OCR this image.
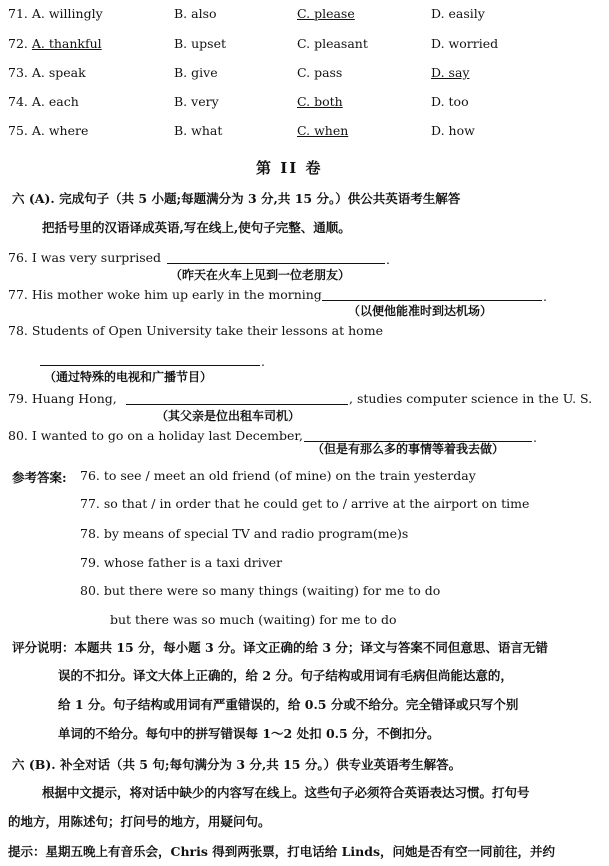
71. A. willingly	B. also	C. please	D. easily
72. A. thankful	B. upset	C. pleasant	D. worried
73. A. speak	B. give	C. pass	D. say
74. A. each	B. very	C. both	D. too
75. A. where	B. what	C. when	D. how
第 II 卷
六 (A). 完成句子（共 5 小题;每题满分为 3 分,共 15 分。）供公共英语考生解答
把括号里的汉语译成英语,写在线上,使句子完整、通顺。
76. I was very surprised	.
（昨天在火车上见到一位老朋友）
77. His mother woke him up early in the morning	.
（以便他能准时到达机场）
78. Students of Open University take their lessons at home
.
（通过特殊的电视和广播节目）
79. Huang Hong,	, studies computer science in the U. S.
（其父亲是位出租车司机）
80. I wanted to go on a holiday last December,	.
（但是有那么多的事情等着我去做）
参考答案: 76. to see / meet an old friend (of mine) on the train yesterday
77. so that / in order that he could get to / arrive at the airport on time
78. by means of special TV and radio program(me)s
79. whose father is a taxi driver
80. but there were so many things (waiting) for me to do
but there was so much (waiting) for me to do
评分说明：本题共 15 分，每小题 3 分。译文正确的给 3 分；译文与答案不同但意思、语言无错
误的不扣分。译文大体上正确的，给 2 分。句子结构或用词有毛病但尚能达意的，
给 1 分。句子结构或用词有严重错误的，给 0.5 分或不给分。完全错译或只写个别
单词的不给分。每句中的拼写错误每 1～2 处扣 0.5 分，不倒扣分。
六 (B). 补全对话（共 5 句;每句满分为 3 分,共 15 分。）供专业英语考生解答。
根据中文提示，将对话中缺少的内容写在线上。这些句子必须符合英语表达习惯。打句号
的地方，用陈述句；打问号的地方，用疑问句。
提示：星期五晚上有音乐会，Chris 得到两张票，打电话给 Linds，问她是否有空一同前往，并约
